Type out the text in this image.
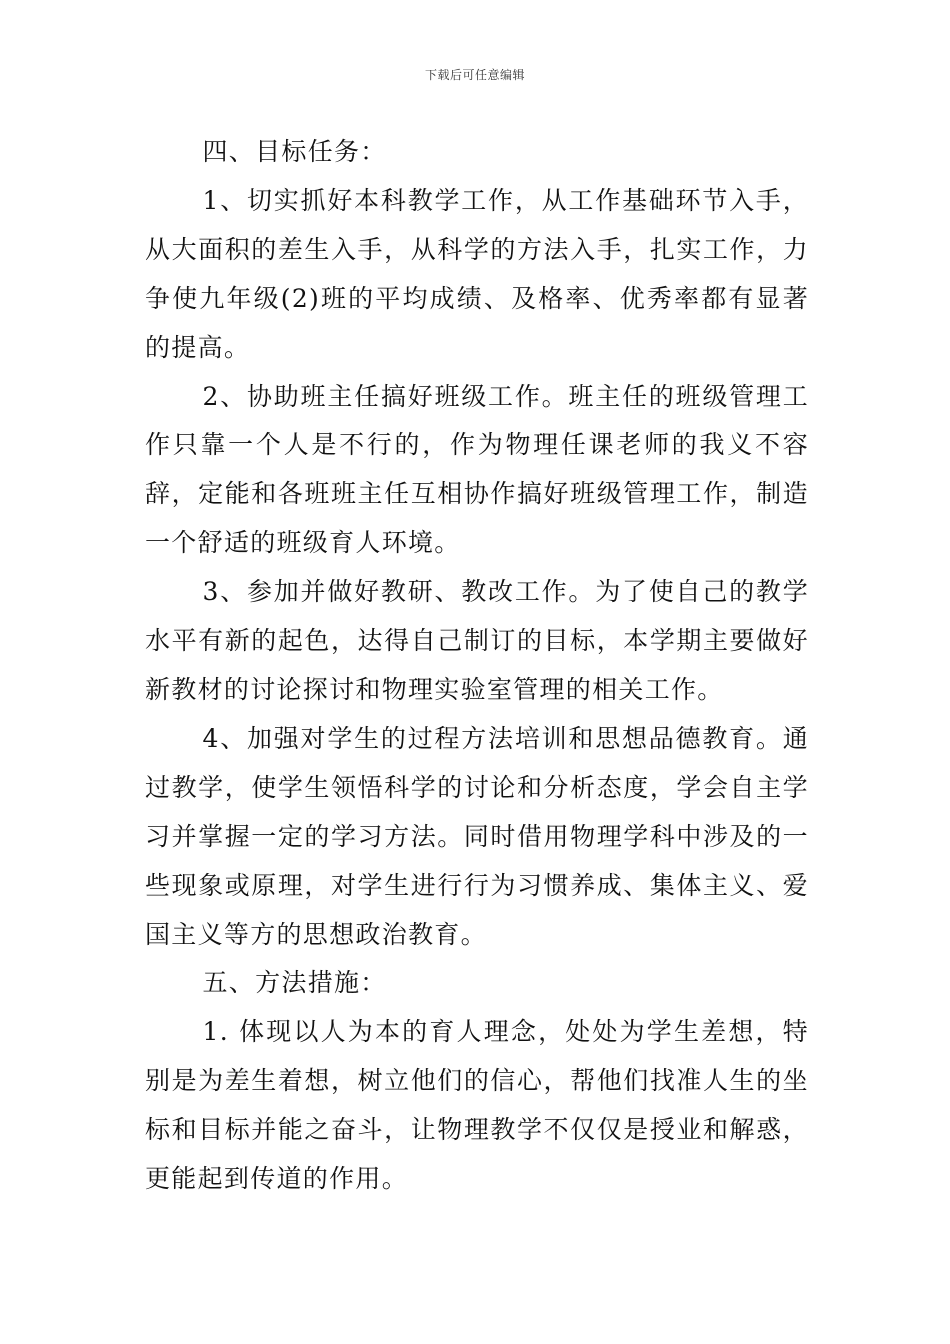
下载后可任意编辑

四、目标任务：

1、切实抓好本科教学工作，从工作基础环节入手，从大面积的差生入手，从科学的方法入手，扎实工作，力争使九年级(2)班的平均成绩、及格率、优秀率都有显著的提高。

2、协助班主任搞好班级工作。班主任的班级管理工作只靠一个人是不行的，作为物理任课老师的我义不容辞，定能和各班班主任互相协作搞好班级管理工作，制造一个舒适的班级育人环境。

3、参加并做好教研、教改工作。为了使自己的教学水平有新的起色，达得自己制订的目标，本学期主要做好新教材的讨论探讨和物理实验室管理的相关工作。

4、加强对学生的过程方法培训和思想品德教育。通过教学，使学生领悟科学的讨论和分析态度，学会自主学习并掌握一定的学习方法。同时借用物理学科中涉及的一些现象或原理，对学生进行行为习惯养成、集体主义、爱国主义等方的思想政治教育。

五、方法措施：

1. 体现以人为本的育人理念，处处为学生差想，特别是为差生着想，树立他们的信心，帮他们找准人生的坐标和目标并能之奋斗，让物理教学不仅仅是授业和解惑，更能起到传道的作用。
